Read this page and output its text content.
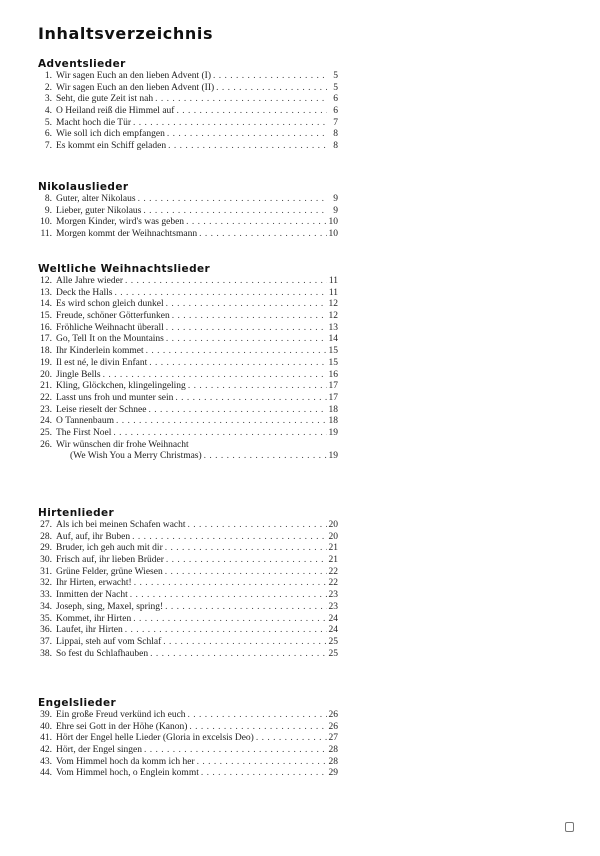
Inhaltsverzeichnis
Adventslieder
1. Wir sagen Euch an den lieben Advent (I) . . .	5
2. Wir sagen Euch an den lieben Advent (II) . . .	5
3. Seht, die gute Zeit ist nah . . .	6
4. O Heiland reiß die Himmel auf . . .	6
5. Macht hoch die Tür . . .	7
6. Wie soll ich dich empfangen . . .	8
7. Es kommt ein Schiff geladen . . .	8
Nikolauslieder
8. Guter, alter Nikolaus . . .	9
9. Lieber, guter Nikolaus . . .	9
10. Morgen Kinder, wird's was geben . . .	10
11. Morgen kommt der Weihnachtsmann . . .	10
Weltliche Weihnachtslieder
12. Alle Jahre wieder . . .	11
13. Deck the Halls . . .	11
14. Es wird schon gleich dunkel . . .	12
15. Freude, schöner Götterfunken . . .	12
16. Fröhliche Weihnacht überall . . .	13
17. Go, Tell It on the Mountains . . .	14
18. Ihr Kinderlein kommet . . .	15
19. Il est né, le divin Enfant . . .	15
20. Jingle Bells . . .	16
21. Kling, Glöckchen, klingelingeling . . .	17
22. Lasst uns froh und munter sein . . .	17
23. Leise rieselt der Schnee . . .	18
24. O Tannenbaum . . .	18
25. The First Noel . . .	19
26. Wir wünschen dir frohe Weihnacht
(We Wish You a Merry Christmas) . . .	19
Hirtenlieder
27. Als ich bei meinen Schafen wacht . . .	20
28. Auf, auf, ihr Buben . . .	20
29. Bruder, ich geh auch mit dir . . .	21
30. Frisch auf, ihr lieben Brüder . . .	21
31. Grüne Felder, grüne Wiesen . . .	22
32. Ihr Hirten, erwacht! . . .	22
33. Inmitten der Nacht . . .	23
34. Joseph, sing, Maxel, spring! . . .	23
35. Kommet, ihr Hirten . . .	24
36. Laufet, ihr Hirten . . .	24
37. Lippai, steh auf vom Schlaf . . .	25
38. So fest du Schlafhauben . . .	25
Engelslieder
39. Ein große Freud verkünd ich euch . . .	26
40. Ehre sei Gott in der Höhe (Kanon) . . .	26
41. Hört der Engel helle Lieder (Gloria in excelsis Deo) . . .	27
42. Hört, der Engel singen . . .	28
43. Vom Himmel hoch da komm ich her . . .	28
44. Vom Himmel hoch, o Englein kommt . . .	29
